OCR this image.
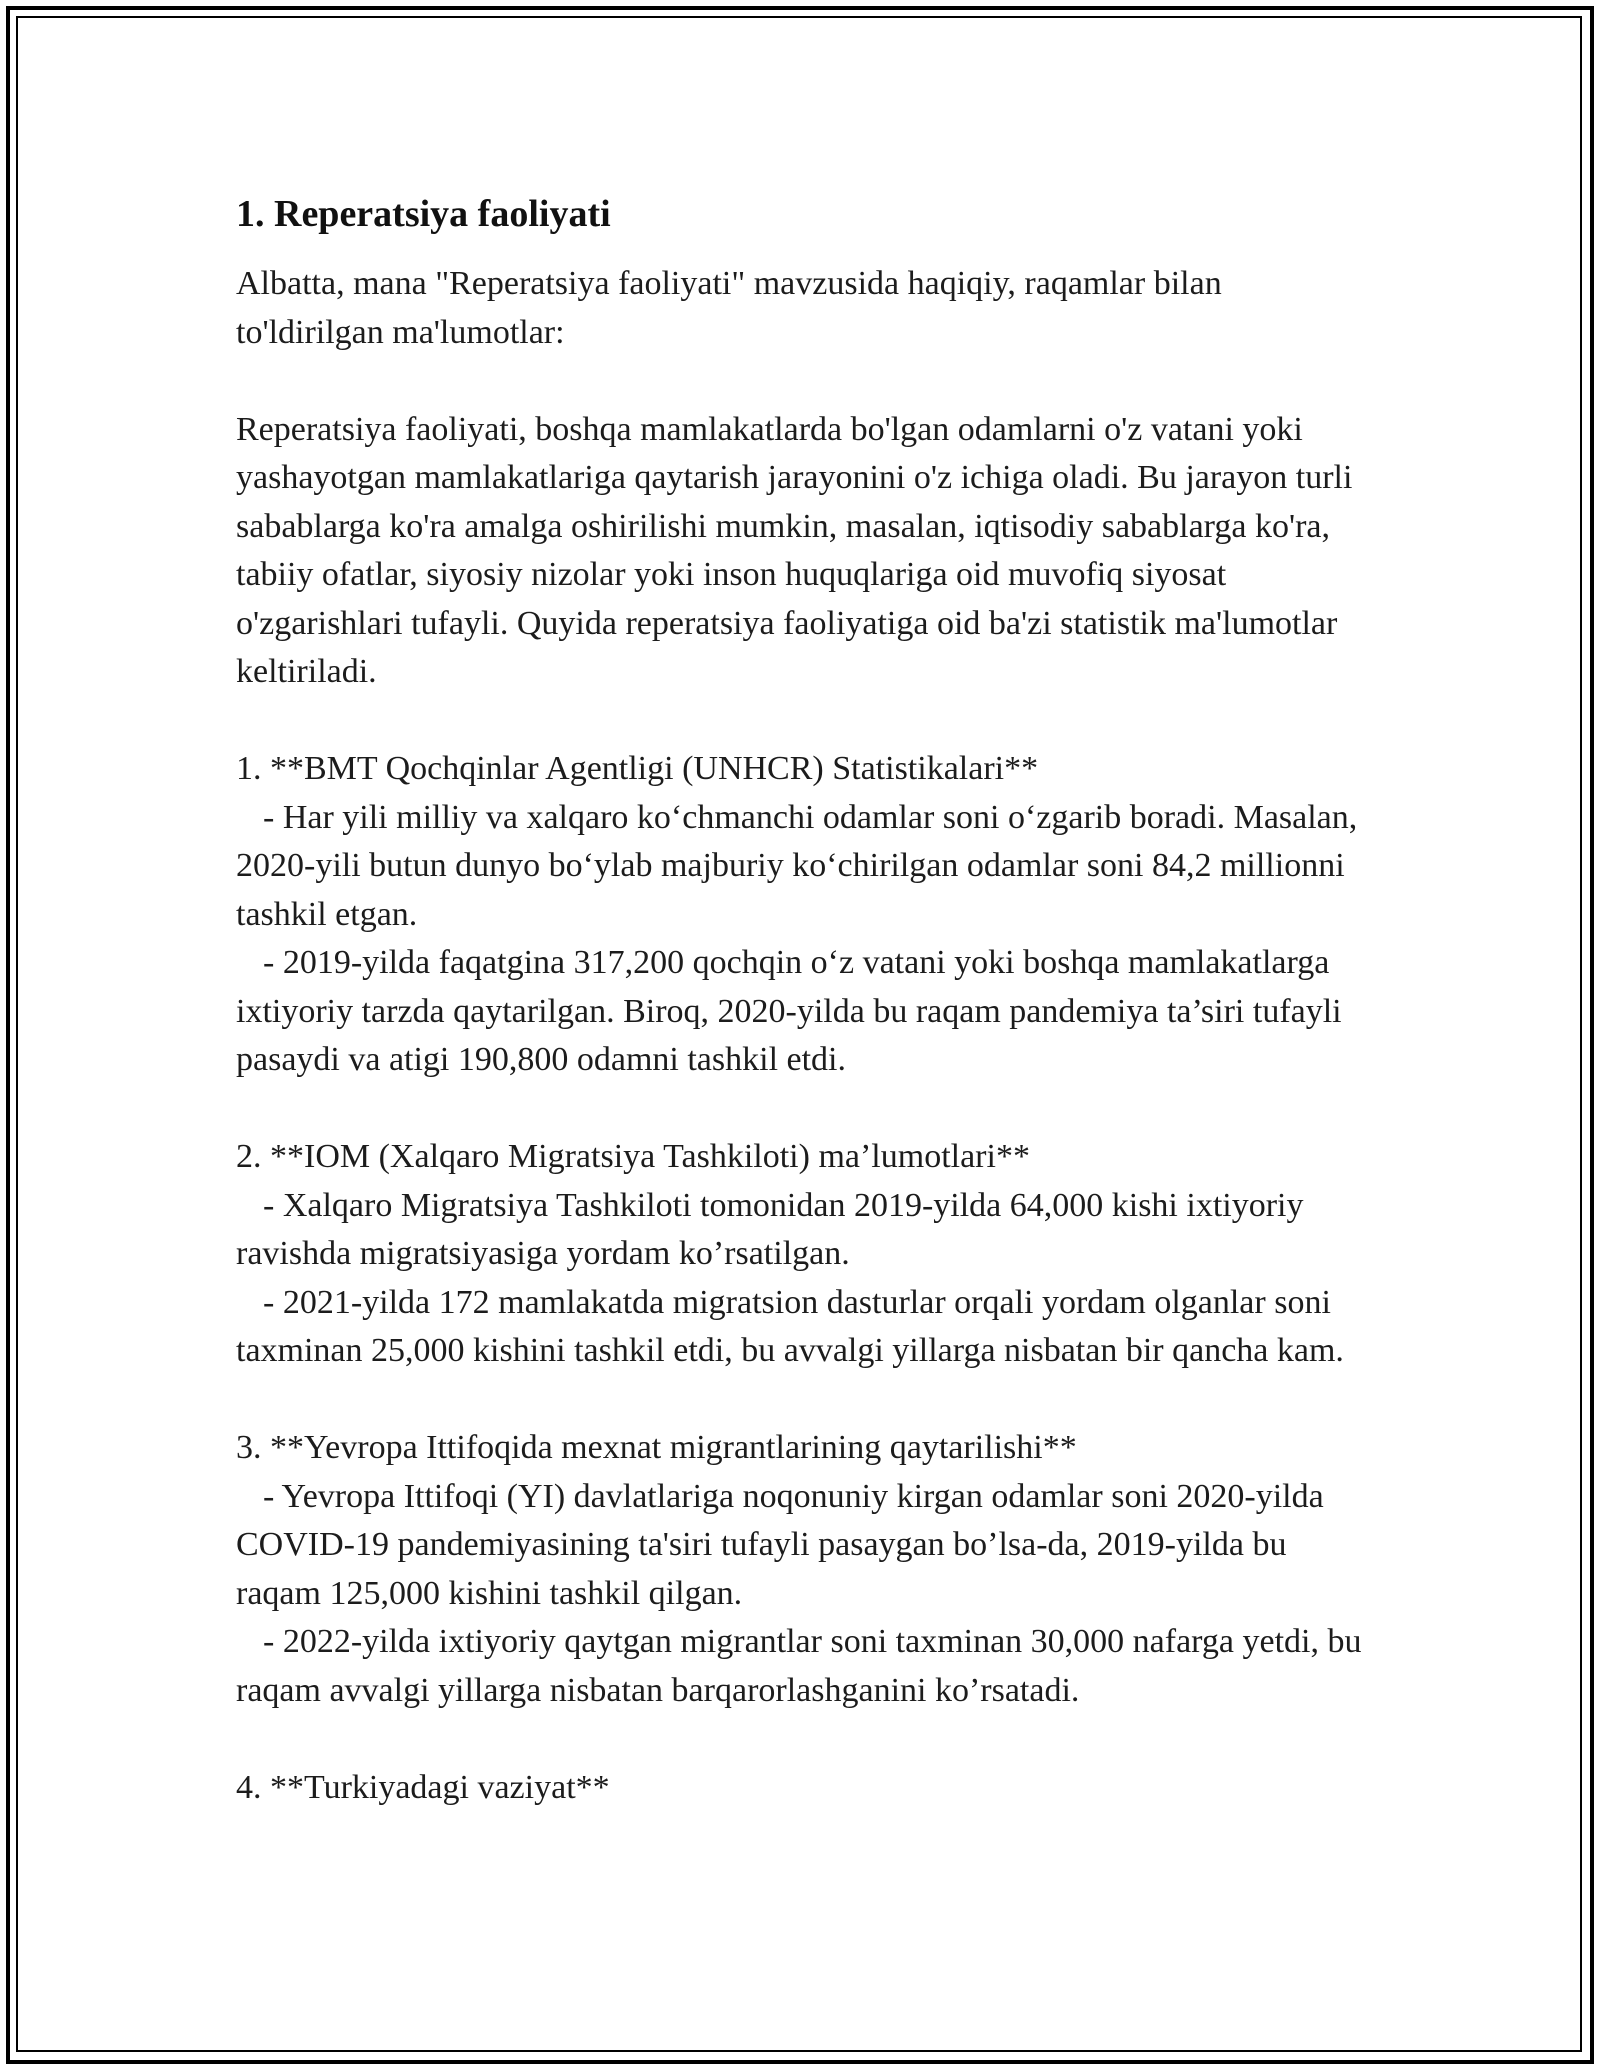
1. Reperatsiya faoliyati

Albatta, mana "Reperatsiya faoliyati" mavzusida haqiqiy, raqamlar bilan to'ldirilgan ma'lumotlar:

Reperatsiya faoliyati, boshqa mamlakatlarda bo'lgan odamlarni o'z vatani yoki yashayotgan mamlakatlariga qaytarish jarayonini o'z ichiga oladi. Bu jarayon turli sabablarga ko'ra amalga oshirilishi mumkin, masalan, iqtisodiy sabablarga ko'ra, tabiiy ofatlar, siyosiy nizolar yoki inson huquqlariga oid muvofiq siyosat o'zgarishlari tufayli. Quyida reperatsiya faoliyatiga oid ba'zi statistik ma'lumotlar keltiriladi.

1. **BMT Qochqinlar Agentligi (UNHCR) Statistikalari**

- Har yili milliy va xalqaro ko‘chmanchi odamlar soni o‘zgarib boradi. Masalan, 2020-yili butun dunyo bo‘ylab majburiy ko‘chirilgan odamlar soni 84,2 millionni tashkil etgan.

- 2019-yilda faqatgina 317,200 qochqin o‘z vatani yoki boshqa mamlakatlarga ixtiyoriy tarzda qaytarilgan. Biroq, 2020-yilda bu raqam pandemiya ta’siri tufayli pasaydi va atigi 190,800 odamni tashkil etdi.

2. **IOM (Xalqaro Migratsiya Tashkiloti) ma’lumotlari**

- Xalqaro Migratsiya Tashkiloti tomonidan 2019-yilda 64,000 kishi ixtiyoriy ravishda migratsiyasiga yordam ko’rsatilgan.

- 2021-yilda 172 mamlakatda migratsion dasturlar orqali yordam olganlar soni taxminan 25,000 kishini tashkil etdi, bu avvalgi yillarga nisbatan bir qancha kam.

3. **Yevropa Ittifoqida mexnat migrantlarining qaytarilishi**

- Yevropa Ittifoqi (YI) davlatlariga noqonuniy kirgan odamlar soni 2020-yilda COVID-19 pandemiyasining ta'siri tufayli pasaygan bo’lsa-da, 2019-yilda bu raqam 125,000 kishini tashkil qilgan.

- 2022-yilda ixtiyoriy qaytgan migrantlar soni taxminan 30,000 nafarga yetdi, bu raqam avvalgi yillarga nisbatan barqarorlashganini ko’rsatadi.

4. **Turkiyadagi vaziyat**
